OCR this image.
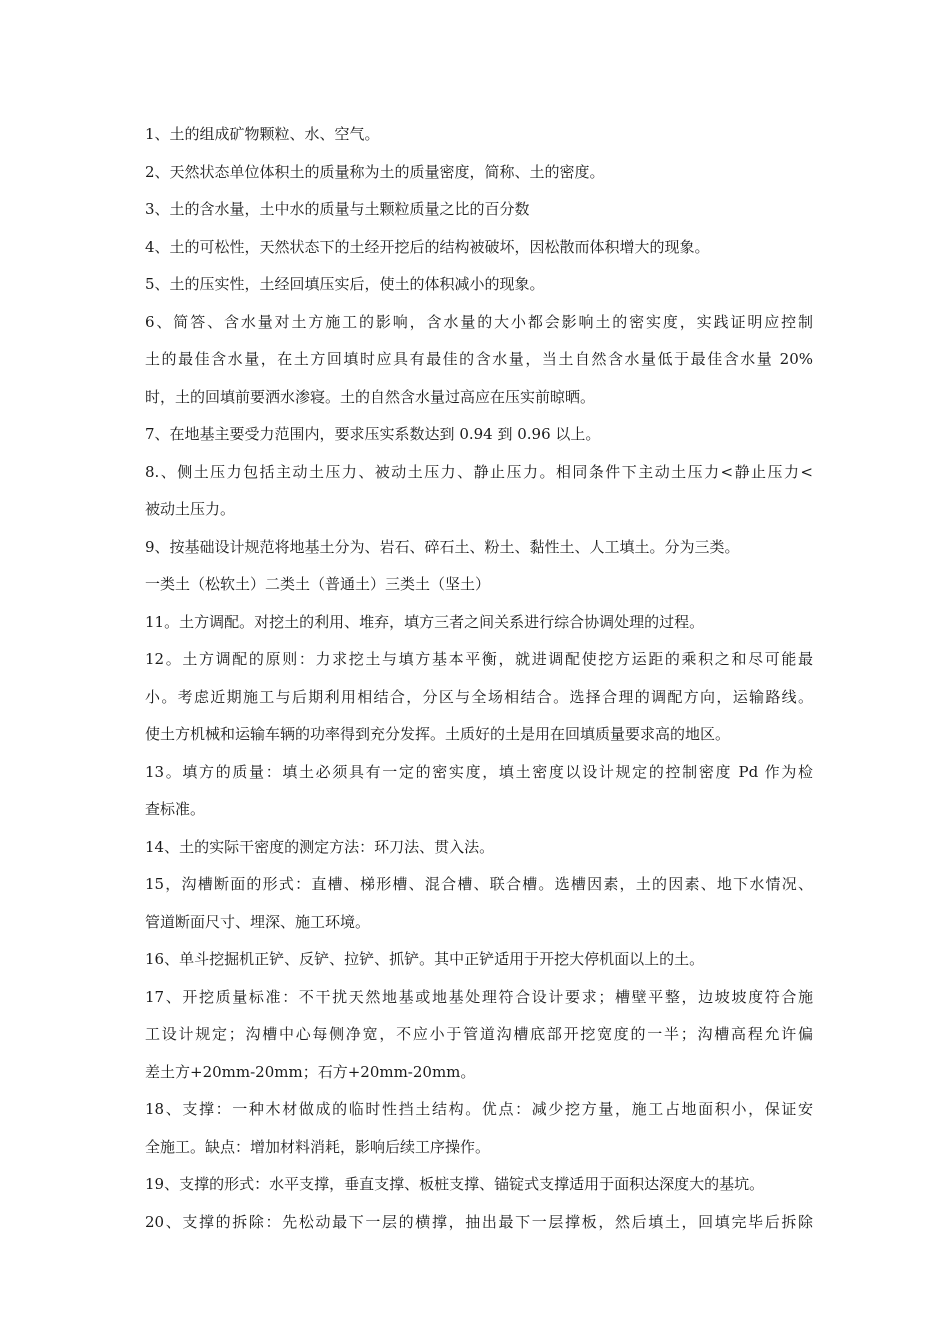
1、土的组成矿物颗粒、水、空气。
2、天然状态单位体积土的质量称为土的质量密度，简称、土的密度。
3、土的含水量，土中水的质量与土颗粒质量之比的百分数
4、土的可松性，天然状态下的土经开挖后的结构被破坏，因松散而体积增大的现象。
5、土的压实性，土经回填压实后，使土的体积减小的现象。
6、简答、含水量对土方施工的影响，含水量的大小都会影响土的密实度，实践证明应控制
土的最佳含水量，在土方回填时应具有最佳的含水量，当土自然含水量低于最佳含水量 20%
时，土的回填前要洒水渗寝。土的自然含水量过高应在压实前晾晒。
7、在地基主要受力范围内，要求压实系数达到 0.94 到 0.96 以上。
8.、侧土压力包括主动土压力、被动土压力、静止压力。相同条件下主动土压力<静止压力<
被动土压力。
9、按基础设计规范将地基土分为、岩石、碎石土、粉土、黏性土、人工填土。分为三类。
一类土（松软土）二类土（普通土）三类土（坚土）
11。土方调配。对挖土的利用、堆弃，填方三者之间关系进行综合协调处理的过程。
12。土方调配的原则：力求挖土与填方基本平衡，就进调配使挖方运距的乘积之和尽可能最
小。考虑近期施工与后期利用相结合，分区与全场相结合。选择合理的调配方向，运输路线。
使土方机械和运输车辆的功率得到充分发挥。土质好的土是用在回填质量要求高的地区。
13。填方的质量：填土必须具有一定的密实度，填土密度以设计规定的控制密度 Pd 作为检
查标准。
14、土的实际干密度的测定方法：环刀法、贯入法。
15，沟槽断面的形式：直槽、梯形槽、混合槽、联合槽。选槽因素，土的因素、地下水情况、
管道断面尺寸、埋深、施工环境。
16、单斗挖掘机正铲、反铲、拉铲、抓铲。其中正铲适用于开挖大停机面以上的土。
17、开挖质量标准：不干扰天然地基或地基处理符合设计要求；槽壁平整，边坡坡度符合施
工设计规定；沟槽中心每侧净宽，不应小于管道沟槽底部开挖宽度的一半；沟槽高程允许偏
差土方+20mm-20mm；石方+20mm-20mm。
18、支撑：一种木材做成的临时性挡土结构。优点：减少挖方量，施工占地面积小，保证安
全施工。缺点：增加材料消耗，影响后续工序操作。
19、支撑的形式：水平支撑，垂直支撑、板桩支撑、锚锭式支撑适用于面积达深度大的基坑。
20、支撑的拆除：先松动最下一层的横撑，抽出最下一层撑板，然后填土，回填完毕后拆除
